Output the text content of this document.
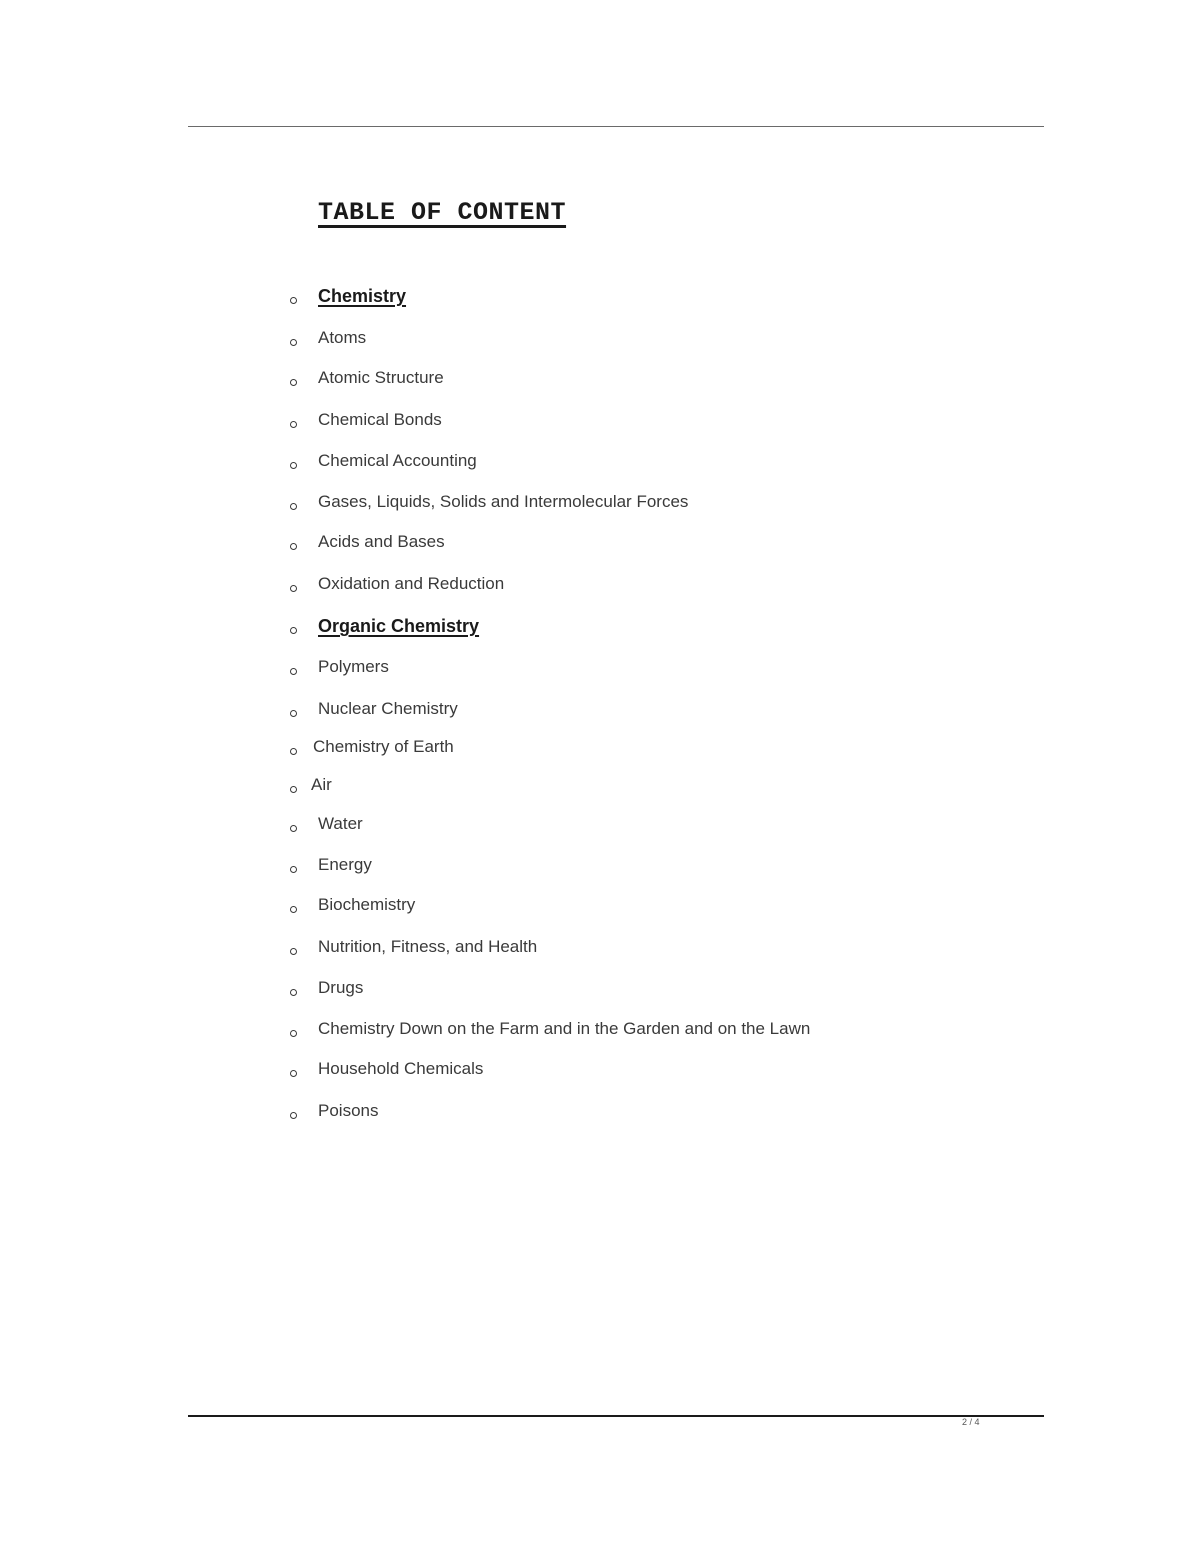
TABLE OF CONTENT
Chemistry
Atoms
Atomic Structure
Chemical Bonds
Chemical Accounting
Gases, Liquids, Solids and Intermolecular Forces
Acids and Bases
Oxidation and Reduction
Organic Chemistry
Polymers
Nuclear Chemistry
Chemistry of Earth
Air
Water
Energy
Biochemistry
Nutrition, Fitness, and Health
Drugs
Chemistry Down on the Farm and in the Garden and on the Lawn
Household Chemicals
Poisons
2 / 4
